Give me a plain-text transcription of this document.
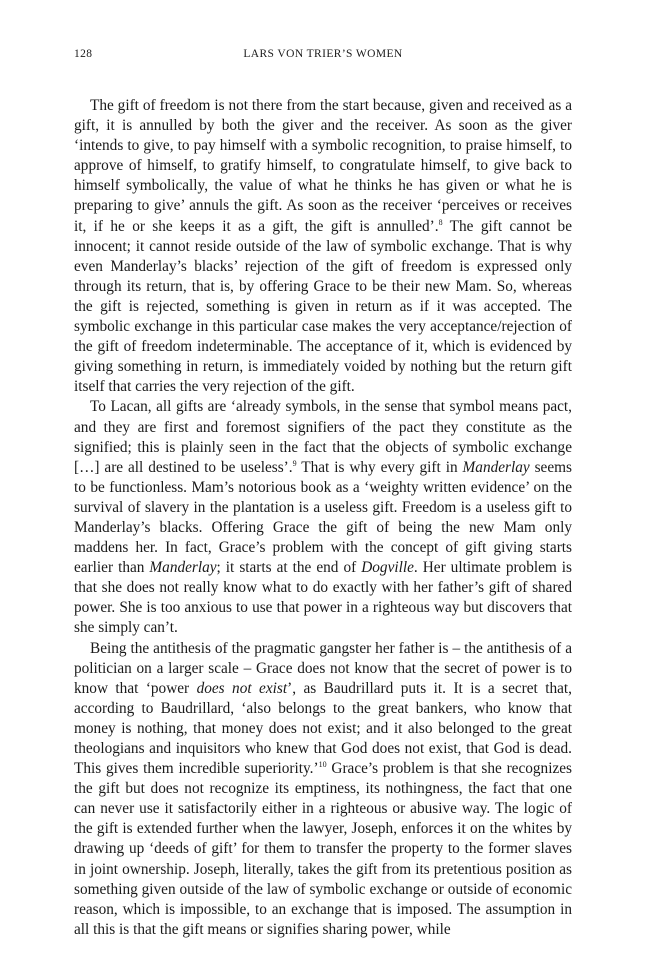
128	LARS VON TRIER’S WOMEN

The gift of freedom is not there from the start because, given and received as a gift, it is annulled by both the giver and the receiver. As soon as the giver ‘intends to give, to pay himself with a symbolic recognition, to praise himself, to approve of himself, to gratify himself, to congratulate himself, to give back to himself symbolically, the value of what he thinks he has given or what he is preparing to give’ annuls the gift. As soon as the receiver ‘perceives or receives it, if he or she keeps it as a gift, the gift is annulled’.$^8$ The gift cannot be innocent; it cannot reside outside of the law of symbolic exchange. That is why even Manderlay’s blacks’ rejection of the gift of freedom is expressed only through its return, that is, by offering Grace to be their new Mam. So, whereas the gift is rejected, something is given in return as if it was accepted. The symbolic exchange in this particular case makes the very acceptance/rejection of the gift of freedom indeterminable. The acceptance of it, which is evidenced by giving something in return, is immediately voided by nothing but the return gift itself that carries the very rejection of the gift.

To Lacan, all gifts are ‘already symbols, in the sense that symbol means pact, and they are first and foremost signifiers of the pact they constitute as the signified; this is plainly seen in the fact that the objects of symbolic exchange […] are all destined to be useless’.$^9$ That is why every gift in Manderlay seems to be functionless. Mam’s notorious book as a ‘weighty written evidence’ on the survival of slavery in the plantation is a useless gift. Freedom is a useless gift to Manderlay’s blacks. Offering Grace the gift of being the new Mam only maddens her. In fact, Grace’s problem with the concept of gift giving starts earlier than Manderlay; it starts at the end of Dogville. Her ultimate problem is that she does not really know what to do exactly with her father’s gift of shared power. She is too anxious to use that power in a righteous way but discovers that she simply can’t.

Being the antithesis of the pragmatic gangster her father is – the antithesis of a politician on a larger scale – Grace does not know that the secret of power is to know that ‘power does not exist’, as Baudrillard puts it. It is a secret that, according to Baudrillard, ‘also belongs to the great bankers, who know that money is nothing, that money does not exist; and it also belonged to the great theologians and inquisitors who knew that God does not exist, that God is dead. This gives them incredible superiority.’$^{10}$ Grace’s problem is that she recognizes the gift but does not recognize its emptiness, its nothingness, the fact that one can never use it satisfactorily either in a righteous or abusive way. The logic of the gift is extended further when the lawyer, Joseph, enforces it on the whites by drawing up ‘deeds of gift’ for them to transfer the property to the former slaves in joint ownership. Joseph, literally, takes the gift from its pretentious position as something given outside of the law of symbolic exchange or outside of economic reason, which is impossible, to an exchange that is imposed. The assumption in all this is that the gift means or signifies sharing power, while
